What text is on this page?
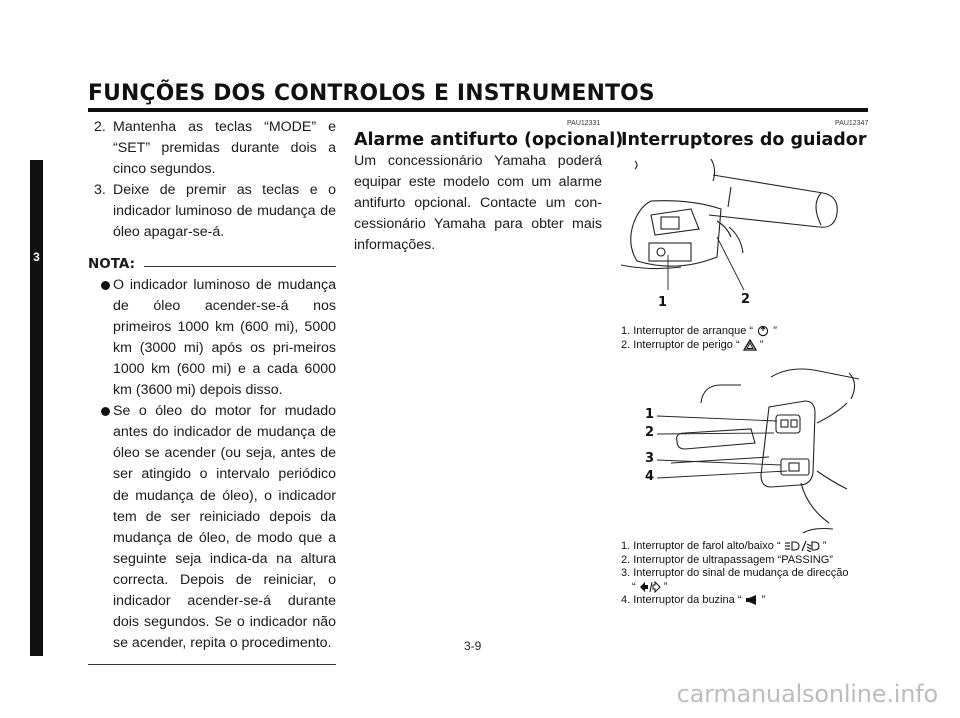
FUNÇÕES DOS CONTROLOS E INSTRUMENTOS
3
2. Mantenha as teclas “MODE” e “SET” premidas durante dois a cinco segundos.
3. Deixe de premir as teclas e o indicador luminoso de mudança de óleo apagar-se-á.
NOTA:
O indicador luminoso de mudança de óleo acender-se-á nos primeiros 1000 km (600 mi), 5000 km (3000 mi) após os pri-meiros 1000 km (600 mi) e a cada 6000 km (3600 mi) depois disso.
Se o óleo do motor for mudado antes do indicador de mudança de óleo se acender (ou seja, antes de ser atingido o intervalo periódico de mudança de óleo), o indicador tem de ser reiniciado depois da mudança de óleo, de modo que a seguinte seja indica-da na altura correcta. Depois de reiniciar, o indicador acender-se-á durante dois segundos. Se o indicador não se acender, repita o procedimento.
PAU12331
Alarme antifurto (opcional)
Um concessionário Yamaha poderá equipar este modelo com um alarme antifurto opcional. Contacte um con-cessionário Yamaha para obter mais informações.
PAU12347
Interruptores do guiador
1	2
1. Interruptor de arranque “ ”
2. Interruptor de perigo “ ”
1
2
3
4
1. Interruptor de farol alto/baixo “	”
2. Interruptor de ultrapassagem “PASSING”
3. Interruptor do sinal de mudança de direcção
“	”
4. Interruptor da buzina “ ”
3-9
carmanualsonline.info
